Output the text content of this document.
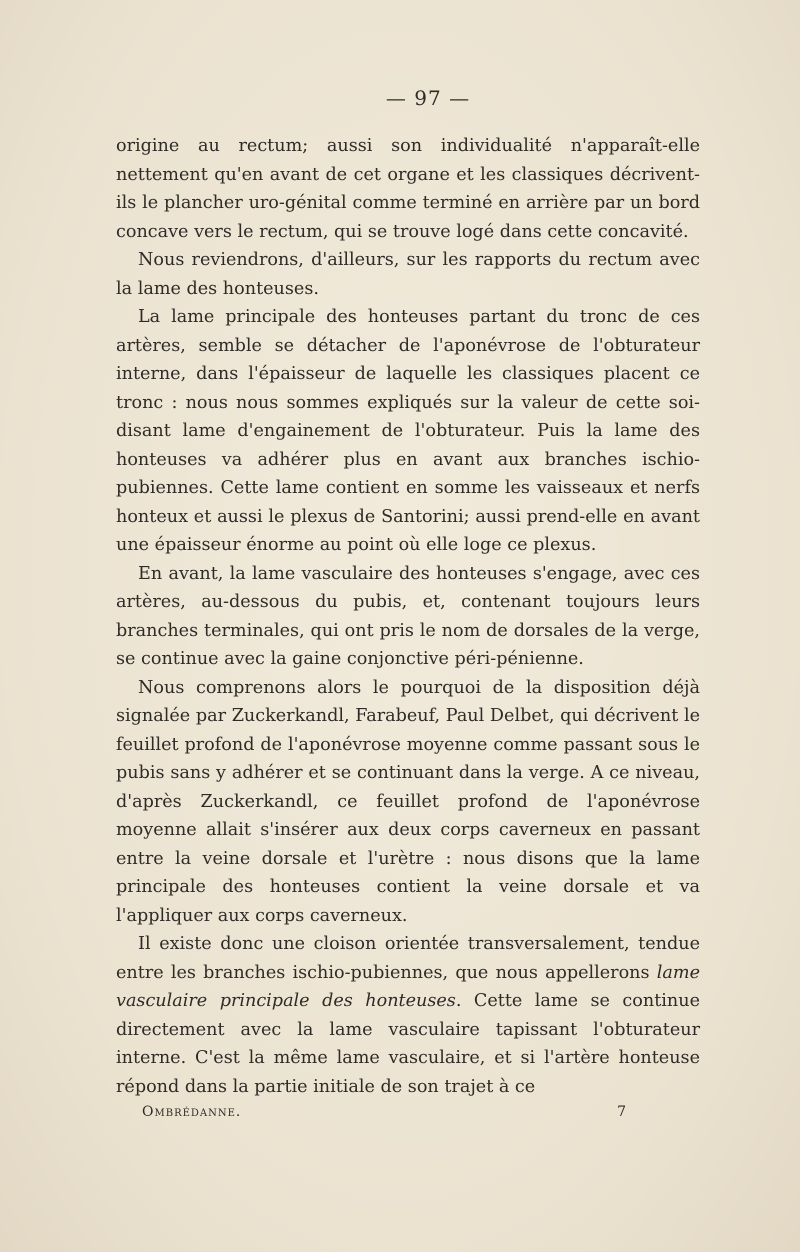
— 97 —

origine au rectum; aussi son individualité n'apparaît-elle nettement qu'en avant de cet organe et les classiques décrivent-ils le plancher uro-génital comme terminé en arrière par un bord concave vers le rectum, qui se trouve logé dans cette concavité.

Nous reviendrons, d'ailleurs, sur les rapports du rectum avec la lame des honteuses.

La lame principale des honteuses partant du tronc de ces artères, semble se détacher de l'aponévrose de l'obturateur interne, dans l'épaisseur de laquelle les classiques placent ce tronc : nous nous sommes expliqués sur la valeur de cette soi-disant lame d'engainement de l'obturateur. Puis la lame des honteuses va adhérer plus en avant aux branches ischio-pubiennes. Cette lame contient en somme les vaisseaux et nerfs honteux et aussi le plexus de Santorini; aussi prend-elle en avant une épaisseur énorme au point où elle loge ce plexus.

En avant, la lame vasculaire des honteuses s'engage, avec ces artères, au-dessous du pubis, et, contenant toujours leurs branches terminales, qui ont pris le nom de dorsales de la verge, se continue avec la gaine conjonctive péri-pénienne.

Nous comprenons alors le pourquoi de la disposition déjà signalée par Zuckerkandl, Farabeuf, Paul Delbet, qui décrivent le feuillet profond de l'aponévrose moyenne comme passant sous le pubis sans y adhérer et se continuant dans la verge. A ce niveau, d'après Zuckerkandl, ce feuillet profond de l'aponévrose moyenne allait s'insérer aux deux corps caverneux en passant entre la veine dorsale et l'urètre : nous disons que la lame principale des honteuses contient la veine dorsale et va l'appliquer aux corps caverneux.

Il existe donc une cloison orientée transversalement, tendue entre les branches ischio-pubiennes, que nous appellerons lame vasculaire principale des honteuses. Cette lame se continue directement avec la lame vasculaire tapissant l'obturateur interne. C'est la même lame vasculaire, et si l'artère honteuse répond dans la partie initiale de son trajet à ce

Ombrédanne.	7
